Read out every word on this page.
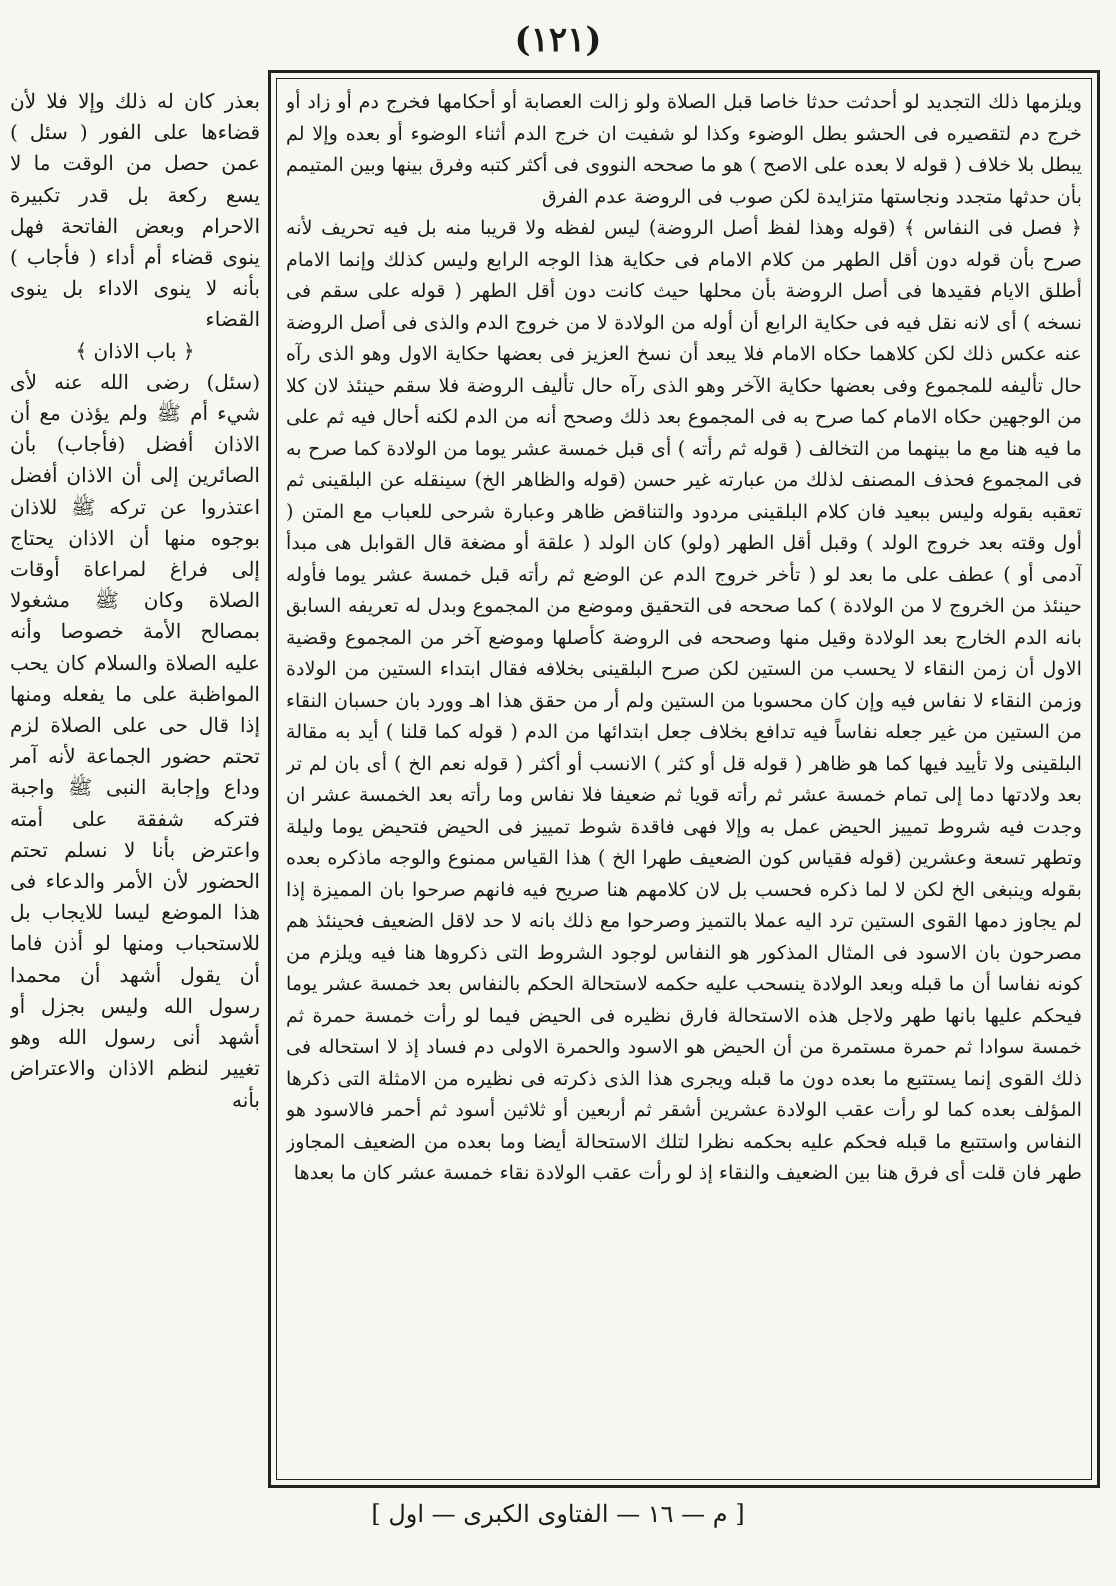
(١٢١)

بعذر كان له ذلك وإلا فلا لأن قضاءها على الفور ( سئل ) عمن حصل من الوقت ما لا يسع ركعة بل قدر تكبيرة الاحرام وبعض الفاتحة فهل ينوى قضاء أم أداء ( فأجاب ) بأنه لا ينوى الاداء بل ينوى القضاء

﴿ باب الاذان ﴾

(سئل) رضى الله عنه لأى شيء أم ﷺ ولم يؤذن مع أن الاذان أفضل (فأجاب) بأن الصائرين إلى أن الاذان أفضل اعتذروا عن تركه ﷺ للاذان بوجوه منها أن الاذان يحتاج إلى فراغ لمراعاة أوقات الصلاة وكان ﷺ مشغولا بمصالح الأمة خصوصا وأنه عليه الصلاة والسلام كان يحب المواظبة على ما يفعله ومنها إذا قال حى على الصلاة لزم تحتم حضور الجماعة لأنه آمر وداع وإجابة النبى ﷺ واجبة فتركه شفقة على أمته واعترض بأنا لا نسلم تحتم الحضور لأن الأمر والدعاء فى هذا الموضع ليسا للايجاب بل للاستحباب ومنها لو أذن فاما أن يقول أشهد أن محمدا رسول الله وليس بجزل أو أشهد أنى رسول الله وهو تغيير لنظم الاذان والاعتراض بأنه

ويلزمها ذلك التجديد لو أحدثت حدثا خاصا قبل الصلاة ولو زالت العصابة أو أحكامها فخرج دم أو زاد أو خرج دم لتقصيره فى الحشو بطل الوضوء وكذا لو شفيت ان خرج الدم أثناء الوضوء أو بعده وإلا لم يبطل بلا خلاف ( قوله لا بعده على الاصح ) هو ما صححه النووى فى أكثر كتبه وفرق بينها وبين المتيمم بأن حدثها متجدد ونجاستها متزايدة لكن صوب فى الروضة عدم الفرق

﴿ فصل فى النفاس ﴾ (قوله وهذا لفظ أصل الروضة) ليس لفظه ولا قريبا منه بل فيه تحريف لأنه صرح بأن قوله دون أقل الطهر من كلام الامام فى حكاية هذا الوجه الرابع وليس كذلك وإنما الامام أطلق الايام فقيدها فى أصل الروضة بأن محلها حيث كانت دون أقل الطهر ( قوله على سقم فى نسخه ) أى لانه نقل فيه فى حكاية الرابع أن أوله من الولادة لا من خروج الدم والذى فى أصل الروضة عنه عكس ذلك لكن كلاهما حكاه الامام فلا يبعد أن نسخ العزيز فى بعضها حكاية الاول وهو الذى رآه حال تأليفه للمجموع وفى بعضها حكاية الآخر وهو الذى رآه حال تأليف الروضة فلا سقم حينئذ لان كلا من الوجهين حكاه الامام كما صرح به فى المجموع بعد ذلك وصحح أنه من الدم لكنه أحال فيه ثم على ما فيه هنا مع ما بينهما من التخالف ( قوله ثم رأته ) أى قبل خمسة عشر يوما من الولادة كما صرح به فى المجموع فحذف المصنف لذلك من عبارته غير حسن (قوله والظاهر الخ) سينقله عن البلقينى ثم تعقبه بقوله وليس ببعيد فان كلام البلقينى مردود والتناقض ظاهر وعبارة شرحى للعباب مع المتن ( أول وقته بعد خروج الولد ) وقبل أقل الطهر (ولو) كان الولد ( علقة أو مضغة قال القوابل هى مبدأ آدمى أو ) عطف على ما بعد لو ( تأخر خروج الدم عن الوضع ثم رأته قبل خمسة عشر يوما فأوله حينئذ من الخروج لا من الولادة ) كما صححه فى التحقيق وموضع من المجموع وبدل له تعريفه السابق بانه الدم الخارج بعد الولادة وقيل منها وصححه فى الروضة كأصلها وموضع آخر من المجموع وقضية الاول أن زمن النقاء لا يحسب من الستين لكن صرح البلقينى بخلافه فقال ابتداء الستين من الولادة وزمن النقاء لا نفاس فيه وإن كان محسوبا من الستين ولم أر من حقق هذا اهـ وورد بان حسبان النقاء من الستين من غير جعله نفاساً فيه تدافع بخلاف جعل ابتدائها من الدم ( قوله كما قلنا ) أيد به مقالة البلقينى ولا تأييد فيها كما هو ظاهر ( قوله قل أو كثر ) الانسب أو أكثر ( قوله نعم الخ ) أى بان لم تر بعد ولادتها دما إلى تمام خمسة عشر ثم رأته قويا ثم ضعيفا فلا نفاس وما رأته بعد الخمسة عشر ان وجدت فيه شروط تمييز الحيض عمل به وإلا فهى فاقدة شوط تمييز فى الحيض فتحيض يوما وليلة وتطهر تسعة وعشرين (قوله فقياس كون الضعيف طهرا الخ ) هذا القياس ممنوع والوجه ماذكره بعده بقوله وينبغى الخ لكن لا لما ذكره فحسب بل لان كلامهم هنا صريح فيه فانهم صرحوا بان المميزة إذا لم يجاوز دمها القوى الستين ترد اليه عملا بالتميز وصرحوا مع ذلك بانه لا حد لاقل الضعيف فحينئذ هم مصرحون بان الاسود فى المثال المذكور هو النفاس لوجود الشروط التى ذكروها هنا فيه ويلزم من كونه نفاسا أن ما قبله وبعد الولادة ينسحب عليه حكمه لاستحالة الحكم بالنفاس بعد خمسة عشر يوما فيحكم عليها بانها طهر ولاجل هذه الاستحالة فارق نظيره فى الحيض فيما لو رأت خمسة حمرة ثم خمسة سوادا ثم حمرة مستمرة من أن الحيض هو الاسود والحمرة الاولى دم فساد إذ لا استحاله فى ذلك القوى إنما يستتبع ما بعده دون ما قبله ويجرى هذا الذى ذكرته فى نظيره من الامثلة التى ذكرها المؤلف بعده كما لو رأت عقب الولادة عشرين أشقر ثم أربعين أو ثلاثين أسود ثم أحمر فالاسود هو النفاس واستتبع ما قبله فحكم عليه بحكمه نظرا لتلك الاستحالة أيضا وما بعده من الضعيف المجاوز طهر فان قلت أى فرق هنا بين الضعيف والنقاء إذ لو رأت عقب الولادة نقاء خمسة عشر كان ما بعدها

[ م — ١٦ — الفتاوى الكبرى — اول ]
